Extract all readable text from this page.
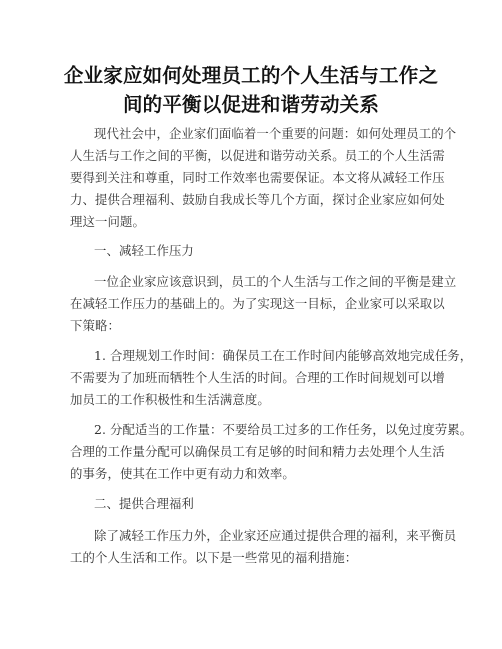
企业家应如何处理员工的个人生活与工作之
间的平衡以促进和谐劳动关系
现代社会中，企业家们面临着一个重要的问题：如何处理员工的个
人生活与工作之间的平衡，以促进和谐劳动关系。员工的个人生活需
要得到关注和尊重，同时工作效率也需要保证。本文将从减轻工作压
力、提供合理福利、鼓励自我成长等几个方面，探讨企业家应如何处
理这一问题。
一、减轻工作压力
一位企业家应该意识到，员工的个人生活与工作之间的平衡是建立
在减轻工作压力的基础上的。为了实现这一目标，企业家可以采取以
下策略：
1. 合理规划工作时间：确保员工在工作时间内能够高效地完成任务，
不需要为了加班而牺牲个人生活的时间。合理的工作时间规划可以增
加员工的工作积极性和生活满意度。
2. 分配适当的工作量：不要给员工过多的工作任务，以免过度劳累。
合理的工作量分配可以确保员工有足够的时间和精力去处理个人生活
的事务，使其在工作中更有动力和效率。
二、提供合理福利
除了减轻工作压力外，企业家还应通过提供合理的福利，来平衡员
工的个人生活和工作。以下是一些常见的福利措施：
